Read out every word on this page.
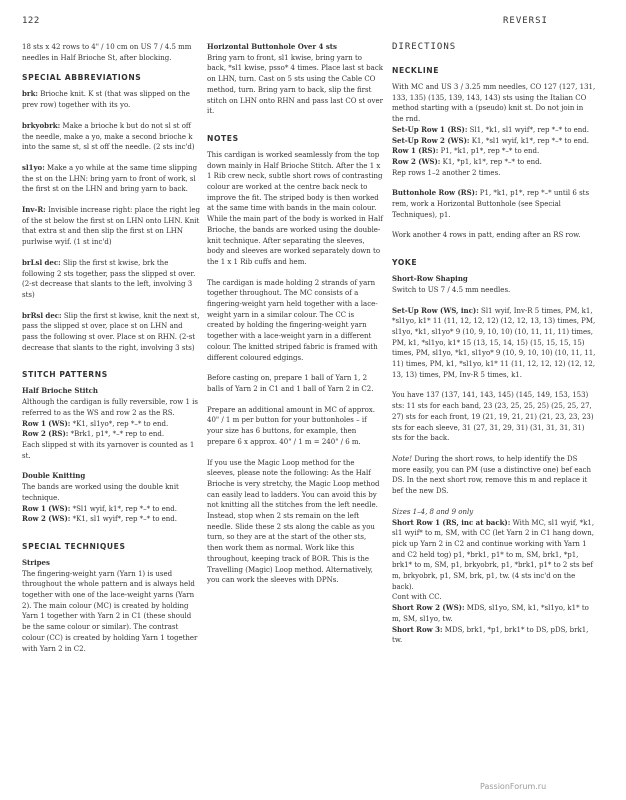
122	REVERSI

18 sts x 42 rows to 4" / 10 cm on US 7 / 4.5 mm needles in Half Brioche St, after blocking.

SPECIAL ABBREVIATIONS

brk: Brioche knit. K st (that was slipped on the prev row) together with its yo.

brkyobrk: Make a brioche k but do not sl st off the needle, make a yo, make a second brioche k into the same st, sl st off the needle. (2 sts inc'd)

sl1yo: Make a yo while at the same time slipping the st on the LHN: bring yarn to front of work, sl the first st on the LHN and bring yarn to back.

Inv-R: Invisible increase right: place the right leg of the st below the first st on LHN onto LHN. Knit that extra st and then slip the first st on LHN purlwise wyif. (1 st inc'd)

brLsl dec: Slip the first st kwise, brk the following 2 sts together, pass the slipped st over. (2-st decrease that slants to the left, involving 3 sts)

brRsl dec: Slip the first st kwise, knit the next st, pass the slipped st over, place st on LHN and pass the following st over. Place st on RHN. (2-st decrease that slants to the right, involving 3 sts)

STITCH PATTERNS

Half Brioche Stitch

Although the cardigan is fully reversible, row 1 is referred to as the WS and row 2 as the RS.

Row 1 (WS): *K1, sl1yo*, rep *–* to end.

Row 2 (RS): *Brk1, p1*, *–* rep to end.

Each slipped st with its yarnover is counted as 1 st.

Double Knitting

The bands are worked using the double knit technique.

Row 1 (WS): *Sl1 wyif, k1*, rep *–* to end.

Row 2 (WS): *K1, sl1 wyif*, rep *–* to end.

SPECIAL TECHNIQUES

Stripes

The fingering-weight yarn (Yarn 1) is used throughout the whole pattern and is always held together with one of the lace-weight yarns (Yarn 2). The main colour (MC) is created by holding Yarn 1 together with Yarn 2 in C1 (these should be the same colour or similar). The contrast colour (CC) is created by holding Yarn 1 together with Yarn 2 in C2.

Horizontal Buttonhole Over 4 sts

Bring yarn to front, sl1 kwise, bring yarn to back, *sl1 kwise, psso* 4 times. Place last st back on LHN, turn. Cast on 5 sts using the Cable CO method, turn. Bring yarn to back, slip the first stitch on LHN onto RHN and pass last CO st over it.

NOTES

This cardigan is worked seamlessly from the top down mainly in Half Brioche Stitch. After the 1 x 1 Rib crew neck, subtle short rows of contrasting colour are worked at the centre back neck to improve the fit. The striped body is then worked at the same time with bands in the main colour. While the main part of the body is worked in Half Brioche, the bands are worked using the double-knit technique. After separating the sleeves, body and sleeves are worked separately down to the 1 x 1 Rib cuffs and hem.

The cardigan is made holding 2 strands of yarn together throughout. The MC consists of a fingering-weight yarn held together with a lace-weight yarn in a similar colour. The CC is created by holding the fingering-weight yarn together with a lace-weight yarn in a different colour. The knitted striped fabric is framed with different coloured edgings.

Before casting on, prepare 1 ball of Yarn 1, 2 balls of Yarn 2 in C1 and 1 ball of Yarn 2 in C2.

Prepare an additional amount in MC of approx. 40" / 1 m per button for your buttonholes – if your size has 6 buttons, for example, then prepare 6 x approx. 40" / 1 m = 240" / 6 m.

If you use the Magic Loop method for the sleeves, please note the following: As the Half Brioche is very stretchy, the Magic Loop method can easily lead to ladders. You can avoid this by not knitting all the stitches from the left needle. Instead, stop when 2 sts remain on the left needle. Slide these 2 sts along the cable as you turn, so they are at the start of the other sts, then work them as normal. Work like this throughout, keeping track of BOR. This is the Travelling (Magic) Loop method. Alternatively, you can work the sleeves with DPNs.

DIRECTIONS
NECKLINE

With MC and US 3 / 3.25 mm needles, CO 127 (127, 131, 133, 135) (135, 139, 143, 143) sts using the Italian CO method starting with a (pseudo) knit st. Do not join in the rnd.

Set-Up Row 1 (RS): Sl1, *k1, sl1 wyif*, rep *–* to end.

Set-Up Row 2 (WS): K1, *sl1 wyif, k1*, rep *–* to end.

Row 1 (RS): P1, *k1, p1*, rep *–* to end.

Row 2 (WS): K1, *p1, k1*, rep *–* to end.

Rep rows 1–2 another 2 times.

Buttonhole Row (RS): P1, *k1, p1*, rep *–* until 6 sts rem, work a Horizontal Buttonhole (see Special Techniques), p1.

Work another 4 rows in patt, ending after an RS row.

YOKE

Short-Row Shaping

Switch to US 7 / 4.5 mm needles.

Set-Up Row (WS, inc): Sl1 wyif, Inv-R 5 times, PM, k1, *sl1yo, k1* 11 (11, 12, 12, 12) (12, 12, 13, 13) times, PM, sl1yo, *k1, sl1yo* 9 (10, 9, 10, 10) (10, 11, 11, 11) times, PM, k1, *sl1yo, k1* 15 (13, 15, 14, 15) (15, 15, 15, 15) times, PM, sl1yo, *k1, sl1yo* 9 (10, 9, 10, 10) (10, 11, 11, 11) times, PM, k1, *sl1yo, k1* 11 (11, 12, 12, 12) (12, 12, 13, 13) times, PM, Inv-R 5 times, k1.

You have 137 (137, 141, 143, 145) (145, 149, 153, 153) sts: 11 sts for each band, 23 (23, 25, 25, 25) (25, 25, 27, 27) sts for each front, 19 (21, 19, 21, 21) (21, 23, 23, 23) sts for each sleeve, 31 (27, 31, 29, 31) (31, 31, 31, 31) sts for the back.

Note! During the short rows, to help identify the DS more easily, you can PM (use a distinctive one) bef each DS. In the next short row, remove this m and replace it bef the new DS.

Sizes 1–4, 8 and 9 only

Short Row 1 (RS, inc at back): With MC, sl1 wyif, *k1, sl1 wyif* to m, SM, with CC (let Yarn 2 in C1 hang down, pick up Yarn 2 in C2 and continue working with Yarn 1 and C2 held tog) p1, *brk1, p1* to m, SM, brk1, *p1, brk1* to m, SM, p1, brkyobrk, p1, *brk1, p1* to 2 sts bef m, brkyobrk, p1, SM, brk, p1, tw. (4 sts inc'd on the back).

Cont with CC.

Short Row 2 (WS): MDS, sl1yo, SM, k1, *sl1yo, k1* to m, SM, sl1yo, tw.

Short Row 3: MDS, brk1, *p1, brk1* to DS, pDS, brk1, tw.

PassionForum.ru
